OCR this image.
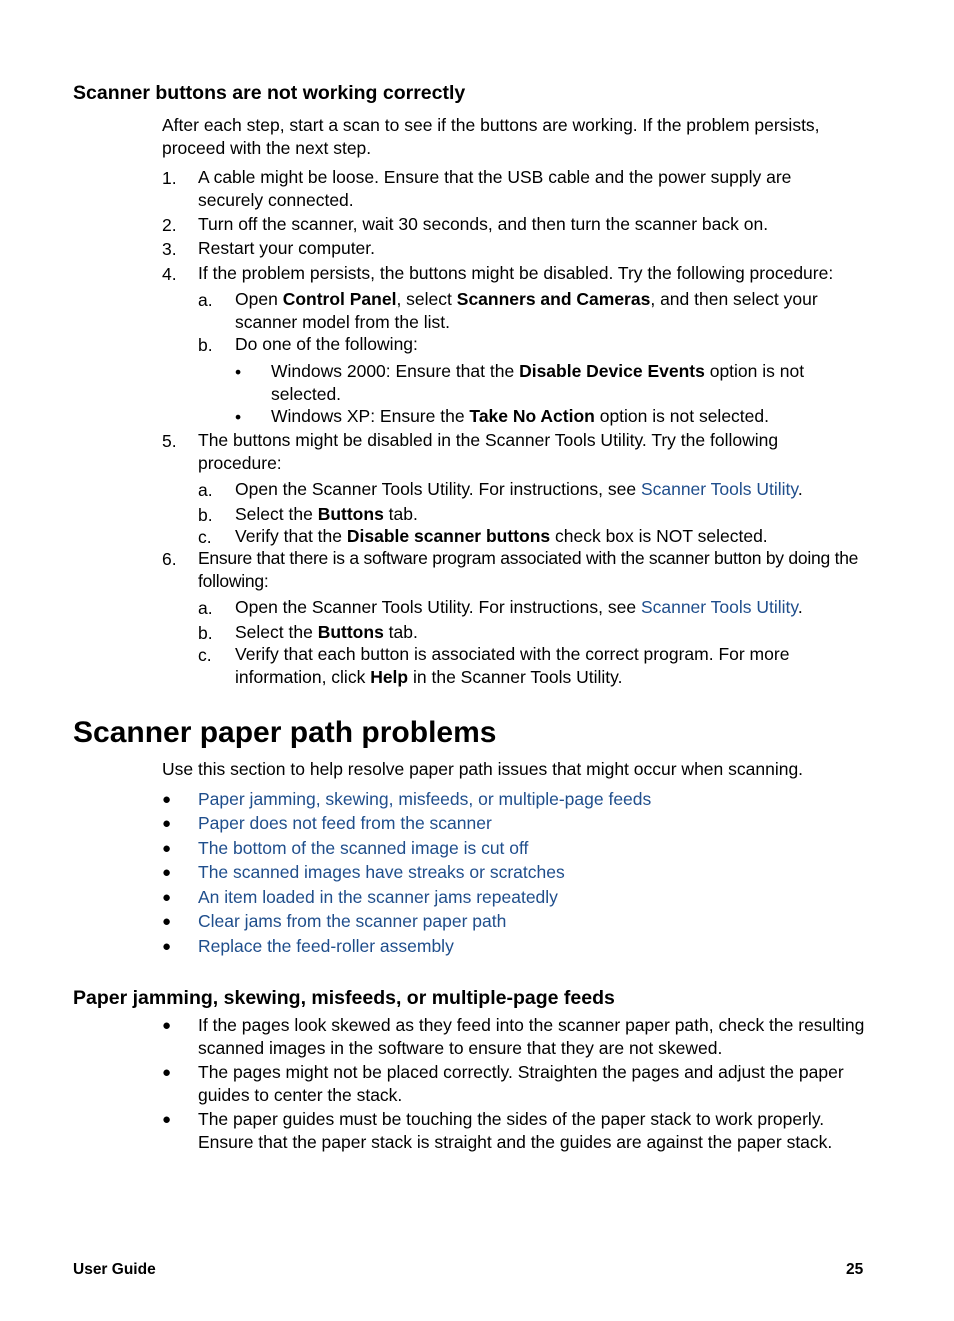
Scanner buttons are not working correctly
After each step, start a scan to see if the buttons are working. If the problem persists, proceed with the next step.
1. A cable might be loose. Ensure that the USB cable and the power supply are securely connected.
2. Turn off the scanner, wait 30 seconds, and then turn the scanner back on.
3. Restart your computer.
4. If the problem persists, the buttons might be disabled. Try the following procedure:
a. Open Control Panel, select Scanners and Cameras, and then select your scanner model from the list.
b. Do one of the following:
• Windows 2000: Ensure that the Disable Device Events option is not selected.
• Windows XP: Ensure the Take No Action option is not selected.
5. The buttons might be disabled in the Scanner Tools Utility. Try the following procedure:
a. Open the Scanner Tools Utility. For instructions, see Scanner Tools Utility.
b. Select the Buttons tab.
c. Verify that the Disable scanner buttons check box is NOT selected.
6. Ensure that there is a software program associated with the scanner button by doing the following:
a. Open the Scanner Tools Utility. For instructions, see Scanner Tools Utility.
b. Select the Buttons tab.
c. Verify that each button is associated with the correct program. For more information, click Help in the Scanner Tools Utility.
Scanner paper path problems
Use this section to help resolve paper path issues that might occur when scanning.
● Paper jamming, skewing, misfeeds, or multiple-page feeds
● Paper does not feed from the scanner
● The bottom of the scanned image is cut off
● The scanned images have streaks or scratches
● An item loaded in the scanner jams repeatedly
● Clear jams from the scanner paper path
● Replace the feed-roller assembly
Paper jamming, skewing, misfeeds, or multiple-page feeds
● If the pages look skewed as they feed into the scanner paper path, check the resulting scanned images in the software to ensure that they are not skewed.
● The pages might not be placed correctly. Straighten the pages and adjust the paper guides to center the stack.
● The paper guides must be touching the sides of the paper stack to work properly. Ensure that the paper stack is straight and the guides are against the paper stack.
User Guide	25
